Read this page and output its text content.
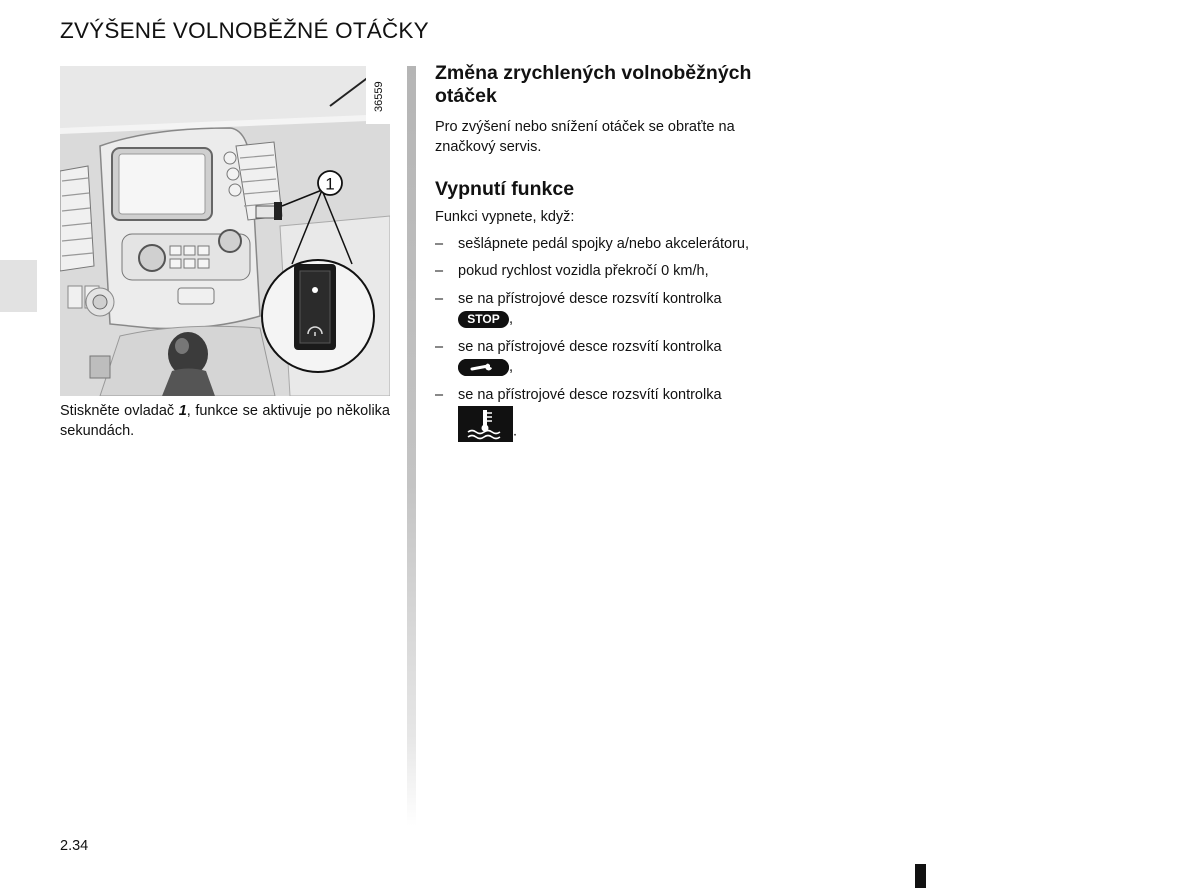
ZVÝŠENÉ VOLNOBĚŽNÉ OTÁČKY
1
36559

Stiskněte ovladač 1, funkce se aktivuje po několika sekundách.

Změna zrychlených volnoběžných otáček

Pro zvýšení nebo snížení otáček se obraťte na značkový servis.

Vypnutí funkce

Funkci vypnete, když:

– sešlápnete pedál spojky a/nebo akcelerátoru,
– pokud rychlost vozidla překročí 0 km/h,
– se na přístrojové desce rozsvítí kontrolka
STOP ,
– se na přístrojové desce rozsvítí kontrolka
,
– se na přístrojové desce rozsvítí kontrolka
.
2.34
